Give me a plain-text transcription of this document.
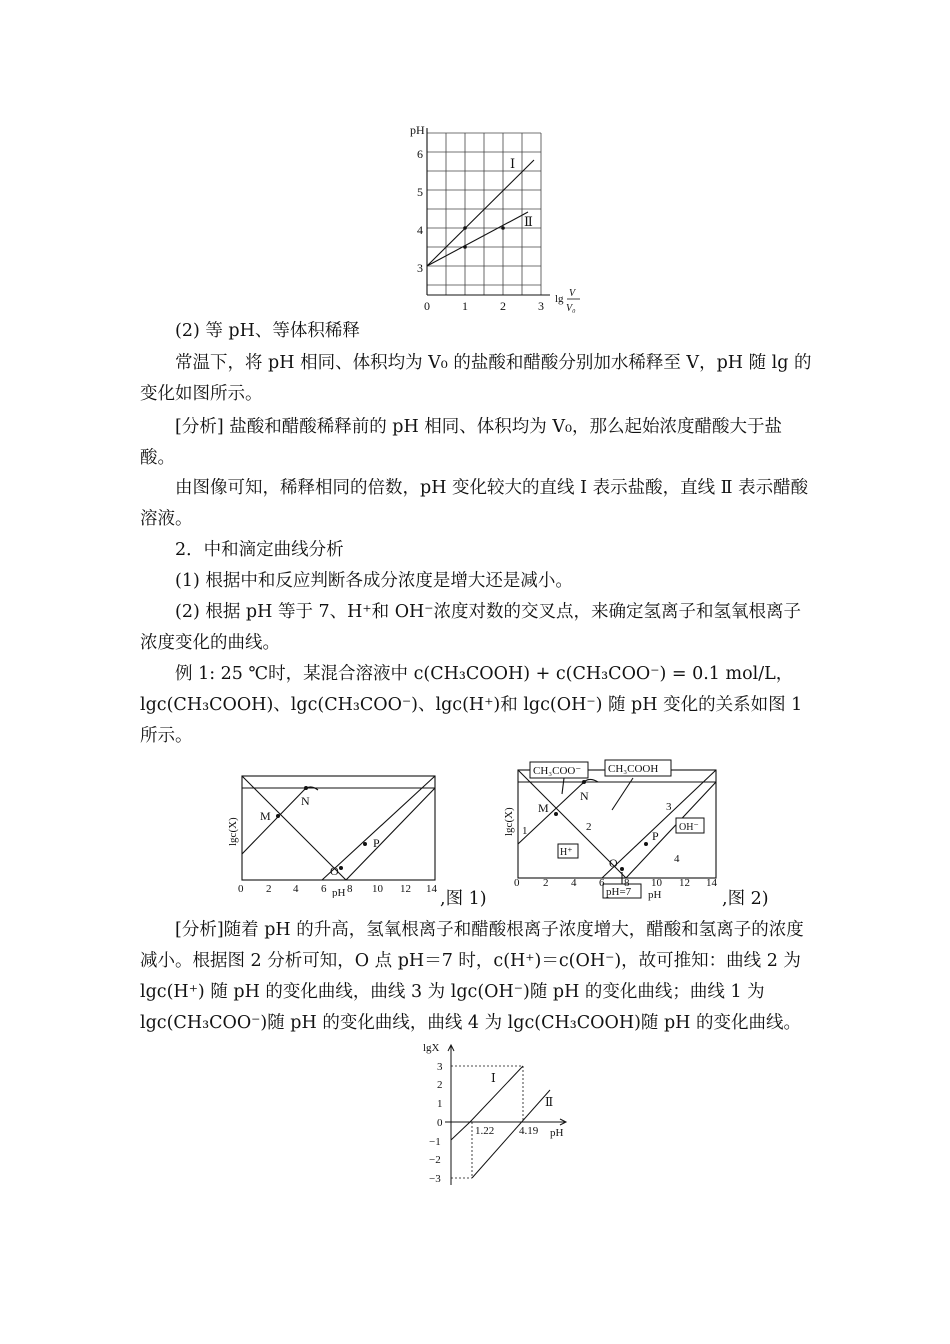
pH
6
5
4
3
0	1	2	3 lg V
V₀
Ⅰ
Ⅱ
(2) 等 pH、等体积稀释
常温下，将 pH 相同、体积均为 V₀ 的盐酸和醋酸分别加水稀释至 V，pH 随 lg 的变化如图所示。
[分析] 盐酸和醋酸稀释前的 pH 相同、体积均为 V₀，那么起始浓度醋酸大于盐酸。
由图像可知，稀释相同的倍数，pH 变化较大的直线 Ⅰ 表示盐酸，直线 Ⅱ 表示醋酸溶液。
2．中和滴定曲线分析
(1) 根据中和反应判断各成分浓度是增大还是减小。
(2) 根据 pH 等于 7、H⁺和 OH⁻浓度对数的交叉点，来确定氢离子和氢氧根离子浓度变化的曲线。
例 1: 25 ℃时，某混合溶液中 c(CH₃COOH) + c(CH₃COO⁻) = 0.1 mol/L，lgc(CH₃COOH)、lgc(CH₃COO⁻)、lgc(H⁺)和 lgc(OH⁻) 随 pH 变化的关系如图 1 所示。
M
N
O
P
lgc(X)
0 2 4 6 8 10 12 14
pH	,图 1)
CH₃COO⁻ CH₃COOH
H⁺
OH⁻
pH=7
M
N
O
P
1	2
3
4
lgc(X)
0 2 4 6 8 10 12 14
pH	,图 2)
[分析]随着 pH 的升高，氢氧根离子和醋酸根离子浓度增大，醋酸和氢离子的浓度减小。根据图 2 分析可知，O 点 pH＝7 时，c(H⁺)＝c(OH⁻)，故可推知：曲线 2 为 lgc(H⁺) 随 pH 的变化曲线，曲线 3 为 lgc(OH⁻)随 pH 的变化曲线；曲线 1 为 lgc(CH₃COO⁻)随 pH 的变化曲线，曲线 4 为 lgc(CH₃COOH)随 pH 的变化曲线。
lgX
3
2
1
0
−1
−2
−3
1.22 4.19 pH
Ⅰ
Ⅱ
